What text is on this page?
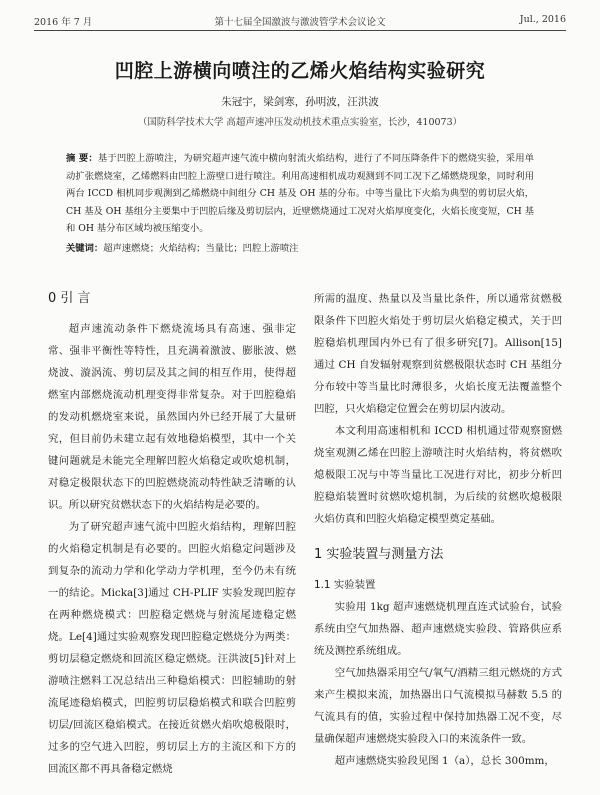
2016 年 7 月	第十七届全国激波与激波管学术会议论文	Jul., 2016
凹腔上游横向喷注的乙烯火焰结构实验研究
朱冠宇，梁剑寒，孙明波，汪洪波
（国防科学技术大学 高超声速冲压发动机技术重点实验室，长沙，410073）
摘 要：基于凹腔上游喷注，为研究超声速气流中横向射流火焰结构，进行了不同压降条件下的燃烧实验，采用单动扩张燃烧室，乙烯燃料由凹腔上游壁口进行喷注。利用高速相机成功观测到不同工况下乙烯燃烧现象，同时利用两台 ICCD 相机同步观测到乙烯燃烧中间组分 CH 基及 OH 基的分布。中等当量比下火焰为典型的剪切层火焰，CH 基及 OH 基组分主要集中于凹腔后缘及剪切层内，近壁燃烧通过工况对火焰厚度变化，火焰长度变短，CH 基和 OH 基分布区域均被压缩变小。
关键词：超声速燃烧；火焰结构；当量比；凹腔上游喷注
0 引 言

超声速流动条件下燃烧流场具有高速、强非定常、强非平衡性等特性，且充满着激波、膨胀波、燃烧波、漩涡流、剪切层及其之间的相互作用，使得超燃室内部燃烧流动机理变得非常复杂。对于凹腔稳焰的发动机燃烧室来说，虽然国内外已经开展了大量研究，但目前仍未建立起有效地稳焰模型，其中一个关键问题就是未能完全理解凹腔火焰稳定或吹熄机制，对稳定极限状态下的凹腔燃烧流动特性缺乏清晰的认识。所以研究贫燃状态下的火焰结构是必要的。

为了研究超声速气流中凹腔火焰结构，理解凹腔的火焰稳定机制是有必要的。凹腔火焰稳定问题涉及到复杂的流动力学和化学动力学机理，至今仍未有统一的结论。Micka[3]通过 CH-PLIF 实验发现凹腔存在两种燃烧模式：凹腔稳定燃烧与射流尾迹稳定燃烧。Le[4]通过实验观察发现凹腔稳定燃烧分为两类：剪切层稳定燃烧和回流区稳定燃烧。汪洪波[5]针对上游喷注燃料工况总结出三种稳焰模式：凹腔辅助的射流尾迹稳焰模式，凹腔剪切层稳焰模式和联合凹腔剪切层/回流区稳焰模式。在接近贫燃火焰吹熄极限时，过多的空气进入凹腔，剪切层上方的主流区和下方的回流区都不再具备稳定燃烧

所需的温度、热量以及当量比条件，所以通常贫燃极限条件下凹腔火焰处于剪切层火焰稳定模式，关于凹腔稳焰机理国内外已有了很多研究[7]。Allison[15]通过 CH 自发辐射观察到贫燃极限状态时 CH 基组分分布较中等当量比时薄很多，火焰长度无法覆盖整个凹腔，只火焰稳定位置会在剪切层内波动。

本文利用高速相机和 ICCD 相机通过带观察窗燃烧室观测乙烯在凹腔上游喷注时火焰结构，将贫燃吹熄极限工况与中等当量比工况进行对比，初步分析凹腔稳焰装置时贫燃吹熄机制，为后续的贫燃吹熄极限火焰仿真和凹腔火焰稳定模型奠定基础。

1 实验装置与测量方法
1.1 实验装置

实验用 1kg 超声速燃烧机理直连式试验台，试验系统由空气加热器、超声速燃烧实验段、管路供应系统及测控系统组成。

空气加热器采用空气/氧气/酒精三组元燃烧的方式来产生模拟来流，加热器出口气流模拟马赫数 5.5 的气流具有的值，实验过程中保持加热器工况不变，尽量确保超声速燃烧实验段入口的来流条件一致。

超声速燃烧实验段见图 1（a），总长 300mm，
